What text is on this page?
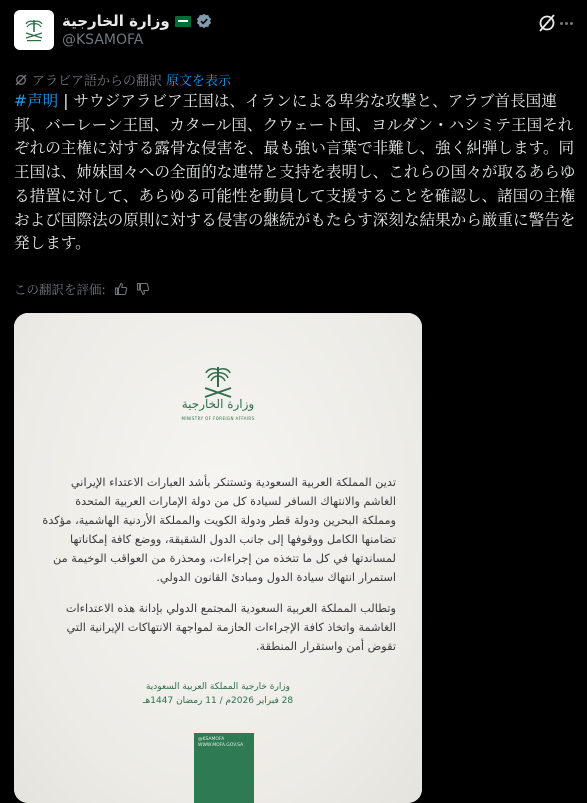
وزارة الخارجية
@KSAMOFA
アラビア語からの翻訳 原文を表示
#声明 | サウジアラビア王国は、イランによる卑劣な攻撃と、アラブ首長国連邦、バーレーン王国、カタール国、クウェート国、ヨルダン・ハシミテ王国それぞれの主権に対する露骨な侵害を、最も強い言葉で非難し、強く糾弾します。同王国は、姉妹国々への全面的な連帯と支持を表明し、これらの国々が取るあらゆる措置に対して、あらゆる可能性を動員して支援することを確認し、諸国の主権および国際法の原則に対する侵害の継続がもたらす深刻な結果から厳重に警告を発します。
この翻訳を評価:
وزارة الخارجية
MINISTRY OF FOREIGN AFFAIRS

تدين المملكة العربية السعودية وتستنكر بأشد العبارات الاعتداء الإيراني الغاشم والانتهاك السافر لسيادة كل من دولة الإمارات العربية المتحدة ومملكة البحرين ودولة قطر ودولة الكويت والمملكة الأردنية الهاشمية، مؤكدة تضامنها الكامل ووقوفها إلى جانب الدول الشقيقة، ووضع كافة إمكاناتها لمساندتها في كل ما تتخذه من إجراءات، ومحذرة من العواقب الوخيمة من استمرار انتهاك سيادة الدول ومبادئ القانون الدولي.

وتطالب المملكة العربية السعودية المجتمع الدولي بإدانة هذه الاعتداءات الغاشمة واتخاذ كافة الإجراءات الحازمة لمواجهة الانتهاكات الإيرانية التي تقوض أمن واستقرار المنطقة.

وزارة خارجية المملكة العربية السعودية
28 فبراير 2026م / 11 رمضان 1447هـ
@KSAMOFA
WWW.MOFA.GOV.SA
